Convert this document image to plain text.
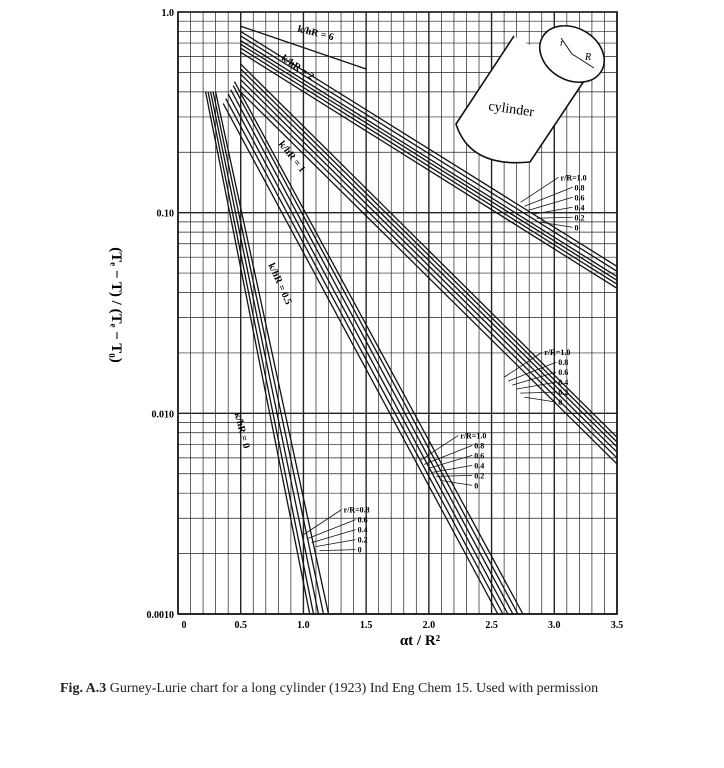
0	0.5	1.0	1.5	2.0	2.5	3.0	3.5
1.0
0.10
0.010
0.0010
k/hR = 6
k/hR = 2
k/hR = 1
k/hR = 0.5
k/hR = 0
r/R=1.0
0.8
0.6
0.4
0.2
0
r/R=1.0
0.8
0.6
0.4
0.2
0
r/R=1.0
0.8
0.6
0.4
0.2
0
r/R=0.8
0.6
0.4
0.2
0
(Tₑ − T) / (Tₑ − T₀)
αt / R²
R
r
cylinder
Fig. A.3 Gurney-Lurie chart for a long cylinder (1923) Ind Eng Chem 15. Used with permission
